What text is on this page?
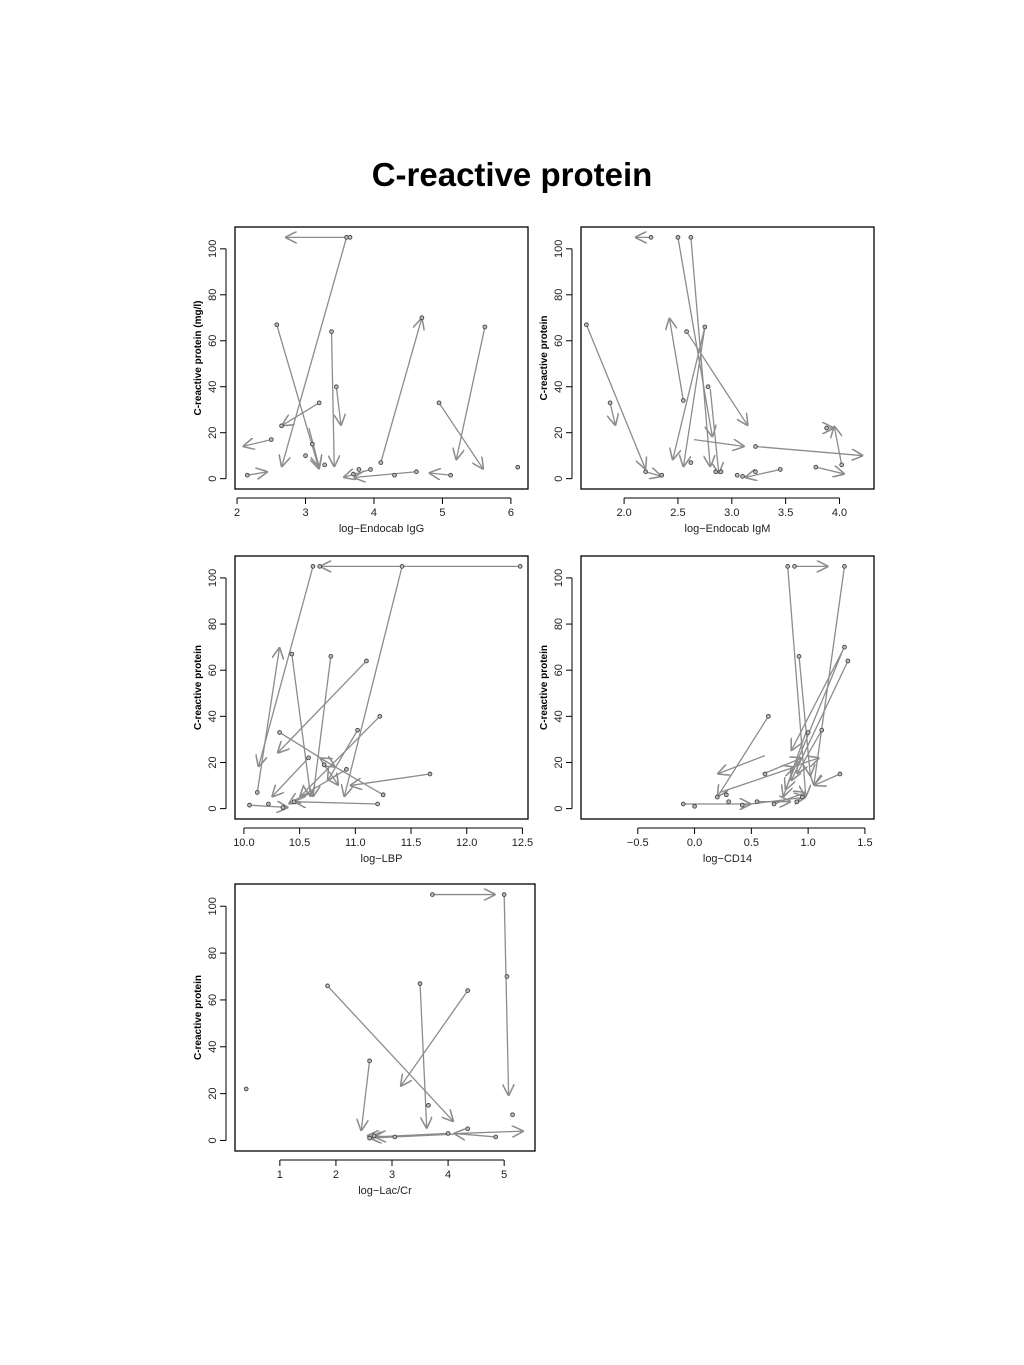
C-reactive protein
2	3	4	5	6
log−Endocab IgG
0
20
40
60
80
100
C-reactive protein (mg/l)
2.0	2.5	3.0	3.5	4.0
log−Endocab IgM
0
20
40
60
80
100
C-reactive protein
10.0	10.5	11.0	11.5	12.0	12.5
log−LBP
0
20
40
60
80
100
C-reactive protein
−0.5	0.0	0.5	1.0	1.5
log−CD14
0
20
40
60
80
100
C-reactive protein
1	2	3	4	5
log−Lac/Cr
0
20
40
60
80
100
C-reactive protein
